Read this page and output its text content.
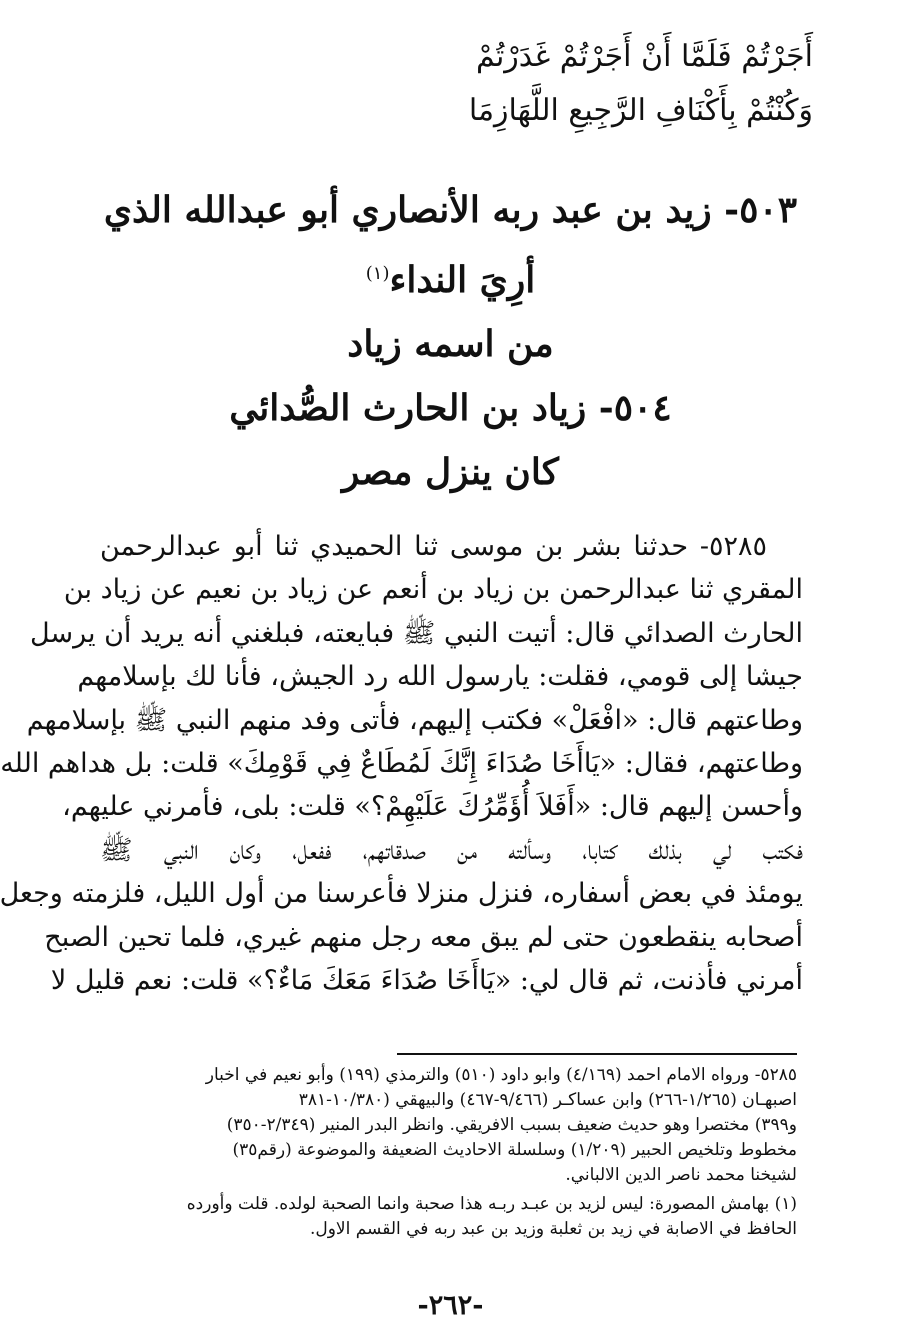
أَجَرْتُمْ فَلَمَّا أَنْ أَجَرْتُمْ غَدَرْتُمْ
وَكُنْتُمْ بِأَكْنَافِ الرَّجِيعِ اللَّهَازِمَا
٥٠٣- زيد بن عبد ربه الأنصاري أبو عبدالله الذي
أرِيَ النداء$^{(١)}$
من اسمه زياد
٥٠٤- زياد بن الحارث الصُّدائي
كان ينزل مصر
٥٢٨٥- حدثنا بشر بن موسى ثنا الحميدي ثنا أبو عبدالرحمن
المقري ثنا عبدالرحمن بن زياد بن أنعم عن زياد بن نعيم عن زياد بن
الحارث الصدائي قال: أتيت النبي ﷺ فبايعته، فبلغني أنه يريد أن يرسل
جيشا إلى قومي، فقلت: يارسول الله رد الجيش، فأنا لك بإسلامهم
وطاعتهم قال: «افْعَلْ» فكتب إليهم، فأتى وفد منهم النبي ﷺ بإسلامهم
وطاعتهم، فقال: «يَاأَخَا صُدَاءَ إِنَّكَ لَمُطَاعٌ فِي قَوْمِكَ» قلت: بل هداهم الله
وأحسن إليهم قال: «أَفَلاَ أُؤَمِّرُكَ عَلَيْهِمْ؟» قلت: بلى، فأمرني عليهم،
فكتب لي بذلك كتابا، وسألته من صدقاتهم، ففعل، وكان النبي ﷺ
يومئذ في بعض أسفاره، فنزل منزلا فأعرسنا من أول الليل، فلزمته وجعل
أصحابه ينقطعون حتى لم يبق معه رجل منهم غيري، فلما تحين الصبح
أمرني فأذنت، ثم قال لي: «يَاأَخَا صُدَاءَ مَعَكَ مَاءٌ؟» قلت: نعم قليل لا
٥٢٨٥- ورواه الامام احمد (٤/١٦٩) وابو داود (٥١٠) والترمذي (١٩٩) وأبو نعيم في اخبار
اصبهـان (١/٢٦٥-٢٦٦) وابن عساكـر (٩/٤٦٦-٤٦٧) والبيهقي (١٠/٣٨٠-٣٨١
و٣٩٩) مختصرا وهو حديث ضعيف بسبب الافريقي. وانظر البدر المنير (٢/٣٤٩-٣٥٠)
مخطوط وتلخيص الحبير (١/٢٠٩) وسلسلة الاحاديث الضعيفة والموضوعة (رقم٣٥)
لشيخنا محمد ناصر الدين الالباني.
(١) بهامش المصورة: ليس لزيد بن عبـد ربـه هذا صحبة وانما الصحبة لولده. قلت وأورده
الحافظ في الاصابة في زيد بن ثعلبة وزيد بن عبد ربه في القسم الاول.
-٢٦٢-
